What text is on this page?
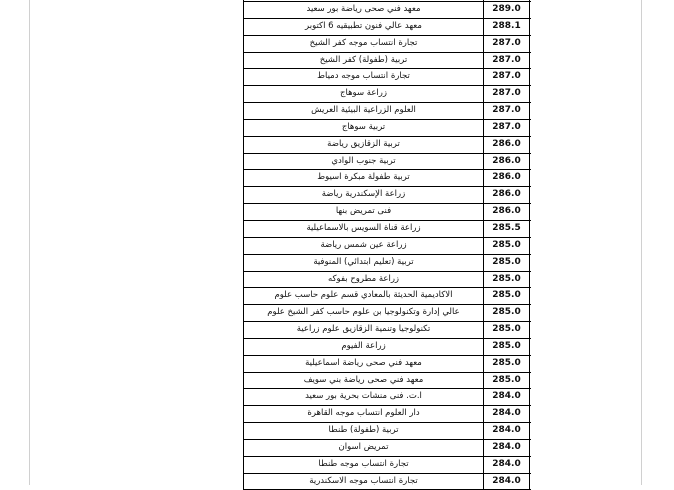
معهد فني صحى رياضة بور سعيد	289.0
معهد عالي فنون تطبيقيه 6 اكتوبر	288.1
تجارة انتساب موجه كفر الشيخ	287.0
تربية (طفولة) كفر الشيخ	287.0
تجارة انتساب موجه دمياط	287.0
زراعة سوهاج	287.0
العلوم الزراعية البيئية العريش	287.0
تربية سوهاج	287.0
تربية الزقازيق رياضة	286.0
تربية جنوب الوادي	286.0
تربية طفولة مبكرة اسيوط	286.0
زراعة الإسكندرية رياضة	286.0
فنى تمريض بنها	286.0
زراعة قناة السويس بالاسماعيلية	285.5
زراعة عين شمس رياضة	285.0
تربية (تعليم ابتدائي) المنوفية	285.0
زراعة مطروح بفوكه	285.0
الاكاديمية الحديثة بالمعادي قسم علوم حاسب علوم	285.0
عالي إدارة وتكنولوجيا بن علوم حاسب كفر الشيخ علوم	285.0
تكنولوجيا وتنمية الزقازيق علوم زراعية	285.0
زراعة الفيوم	285.0
معهد فني صحى رياضة اسماعيلية	285.0
معهد فني صحى رياضة بني سويف	285.0
ا.ت. فنى منشات بحرية بور سعيد	284.0
دار العلوم انتساب موجه القاهرة	284.0
تربية (طفولة) طنطا	284.0
تمريض اسوان	284.0
تجارة انتساب موجه طنطا	284.0
تجارة انتساب موجه الاسكندرية	284.0
